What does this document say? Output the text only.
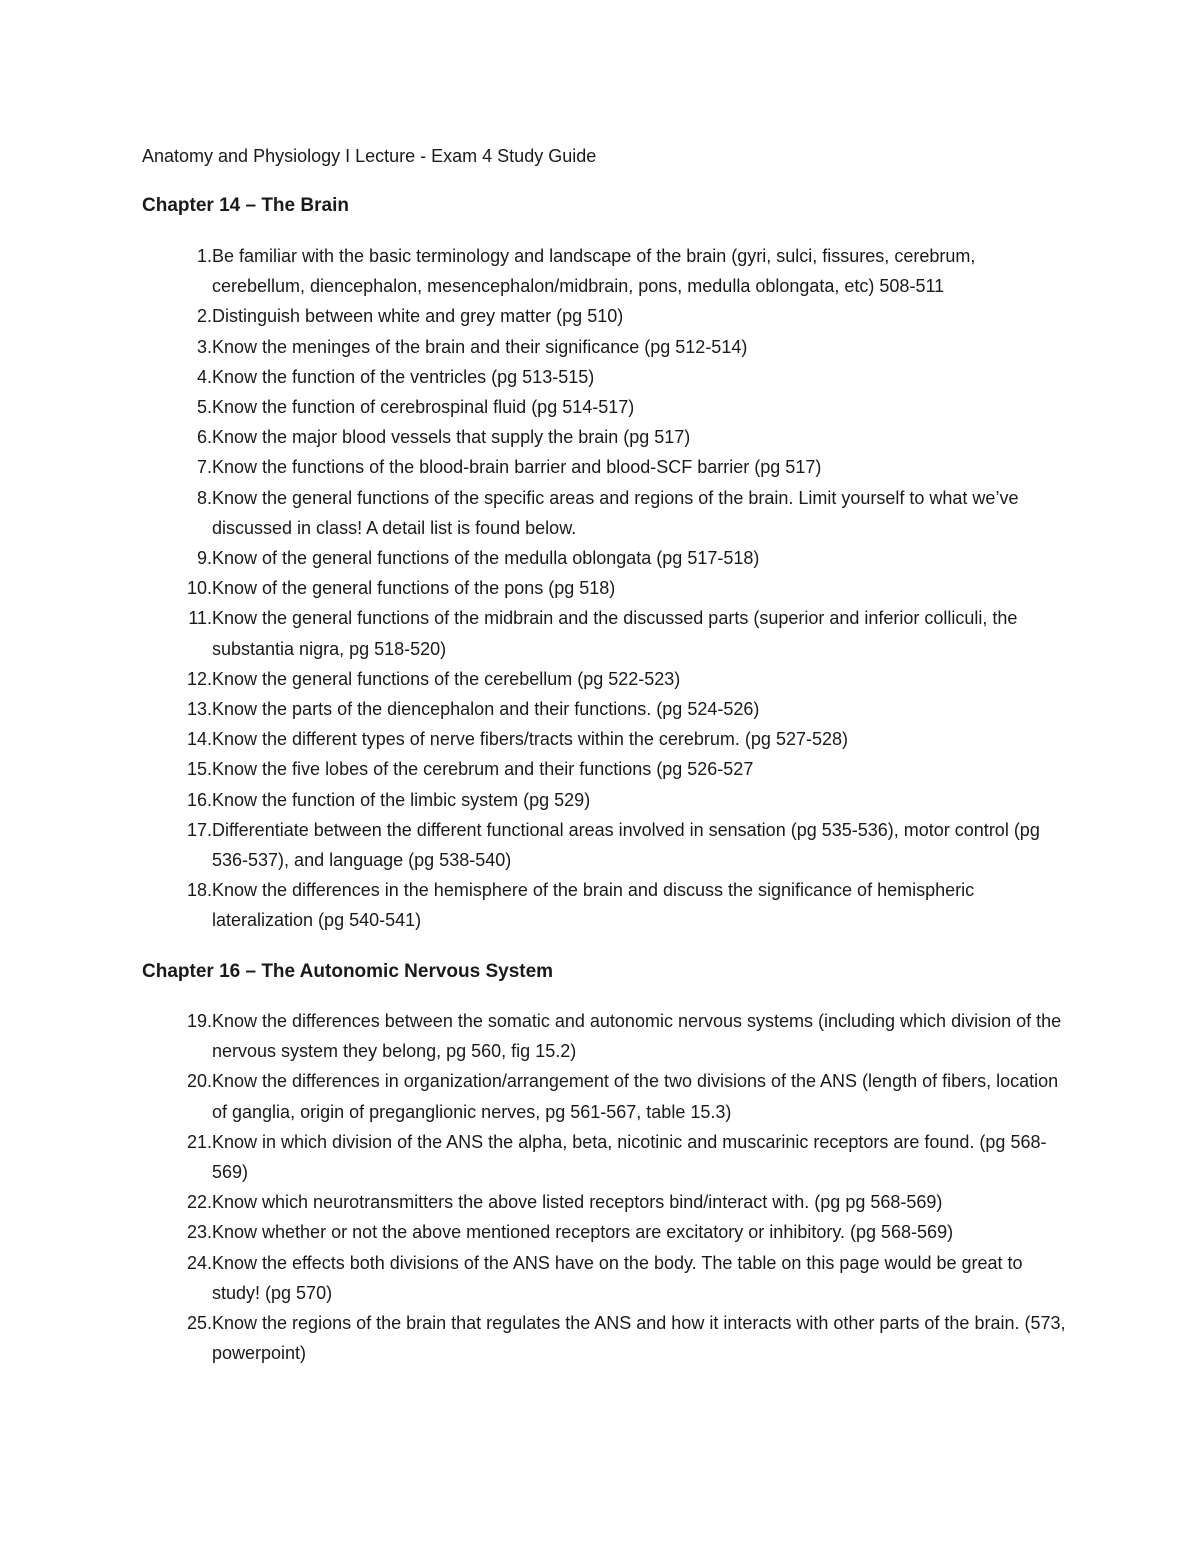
Anatomy and Physiology I Lecture - Exam 4 Study Guide
Chapter 14 – The Brain
1. Be familiar with the basic terminology and landscape of the brain (gyri, sulci, fissures, cerebrum, cerebellum, diencephalon, mesencephalon/midbrain, pons, medulla oblongata, etc) 508-511
2. Distinguish between white and grey matter (pg 510)
3. Know the meninges of the brain and their significance (pg 512-514)
4. Know the function of the ventricles (pg 513-515)
5. Know the function of cerebrospinal fluid (pg 514-517)
6. Know the major blood vessels that supply the brain (pg 517)
7. Know the functions of the blood-brain barrier and blood-SCF barrier (pg 517)
8. Know the general functions of the specific areas and regions of the brain. Limit yourself to what we’ve discussed in class! A detail list is found below.
9. Know of the general functions of the medulla oblongata (pg 517-518)
10. Know of the general functions of the pons (pg 518)
11. Know the general functions of the midbrain and the discussed parts (superior and inferior colliculi, the substantia nigra, pg 518-520)
12. Know the general functions of the cerebellum (pg 522-523)
13. Know the parts of the diencephalon and their functions. (pg 524-526)
14. Know the different types of nerve fibers/tracts within the cerebrum. (pg 527-528)
15. Know the five lobes of the cerebrum and their functions (pg 526-527
16. Know the function of the limbic system (pg 529)
17. Differentiate between the different functional areas involved in sensation (pg 535-536), motor control (pg 536-537), and language (pg 538-540)
18. Know the differences in the hemisphere of the brain and discuss the significance of hemispheric lateralization (pg 540-541)
Chapter 16 – The Autonomic Nervous System
19. Know the differences between the somatic and autonomic nervous systems (including which division of the nervous system they belong, pg 560, fig 15.2)
20. Know the differences in organization/arrangement of the two divisions of the ANS (length of fibers, location of ganglia, origin of preganglionic nerves, pg 561-567, table 15.3)
21. Know in which division of the ANS the alpha, beta, nicotinic and muscarinic receptors are found. (pg 568-569)
22. Know which neurotransmitters the above listed receptors bind/interact with. (pg pg 568-569)
23. Know whether or not the above mentioned receptors are excitatory or inhibitory. (pg 568-569)
24. Know the effects both divisions of the ANS have on the body. The table on this page would be great to study! (pg 570)
25. Know the regions of the brain that regulates the ANS and how it interacts with other parts of the brain. (573, powerpoint)
